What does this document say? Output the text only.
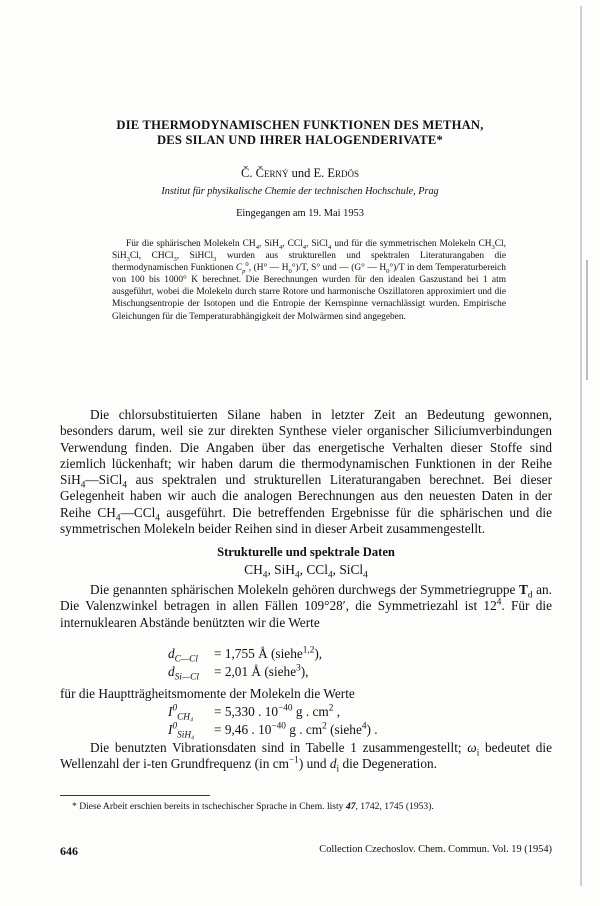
DIE THERMODYNAMISCHEN FUNKTIONEN DES METHAN,
DES SILAN UND IHRER HALOGENDERIVATE*
Č. Černý und E. Erdös
Institut für physikalische Chemie der technischen Hochschule, Prag
Eingegangen am 19. Mai 1953
Für die sphärischen Molekeln $CH_4$, SiH$_4$, CCl$_4$, SiCl$_4$ und für die symmetrischen Molekeln $CH_3Cl$, SiH$_3$Cl, CHCl$_3$, SiHCl$_3$ wurden aus strukturellen und spektralen Literaturangaben die thermodynamischen Funktionen $C_p^0$, (H° — $H_0^\circ)/T$, S° und — (G° — $H_0^\circ)/T$ in dem Temperaturbereich von 100 bis 1000° K berechnet. Die Berechnungen wurden für den idealen Gaszustand bei 1 atm ausgeführt, wobei die Molekeln durch starre Rotore und harmonische Oszillatoren approximiert und die Mischungsentropie der Isotopen und die Entropie der Kernspinne vernachlässigt wurden. Empirische Gleichungen für die Temperaturabhängigkeit der Molwärmen sind angegeben.
Die chlorsubstituierten Silane haben in letzter Zeit an Bedeutung gewonnen, besonders darum, weil sie zur direkten Synthese vieler organischer Siliciumverbindungen Verwendung finden. Die Angaben über das energetische Verhalten dieser Stoffe sind ziemlich lückenhaft; wir haben darum die thermodynamischen Funktionen in der Reihe SiH$_4$—SiCl$_4$ aus spektralen und strukturellen Literaturangaben berechnet. Bei dieser Gelegenheit haben wir auch die analogen Berechnungen aus den neuesten Daten in der Reihe $CH_4—CCl_4$ ausgeführt. Die betreffenden Ergebnisse für die sphärischen und die symmetrischen Molekeln beider Reihen sind in dieser Arbeit zusammengestellt.
Strukturelle und spektrale Daten
$CH_4$, SiH$_4$, CCl$_4$, SiCl$_4$
Die genannten sphärischen Molekeln gehören durchwegs der Symmetriegruppe $T_d$ an. Die Valenzwinkel betragen in allen Fällen 109°28′, die Symmetriezahl ist $12^4$. Für die internuklearen Abstände benützten wir die Werte
$d_{C—Cl} = 1,755$ Å (siehe$^{1,2}$),
$d_{Si—Cl} = 2,01$ Å (siehe$^3$),
für die Hauptträgheitsmomente der Molekeln die Werte
$I^0_{CH_4} = 5,330$ . $10^{-40}$ g . $cm^2$ ,
$I^0_{SiH_4} = 9,46$ . $10^{-40}$ g . $cm^2$ (siehe$^4$) .
Die benutzten Vibrationsdaten sind in Tabelle 1 zusammengestellt; $\omega_i$ bedeutet die Wellenzahl der i-ten Grundfrequenz (in $cm^{-1}$) und $d_i$ die Degeneration.
* Diese Arbeit erschien bereits in tschechischer Sprache in Chem. listy 47, 1742, 1745 (1953).
646	Collection Czechoslov. Chem. Commun. Vol. 19 (1954)
